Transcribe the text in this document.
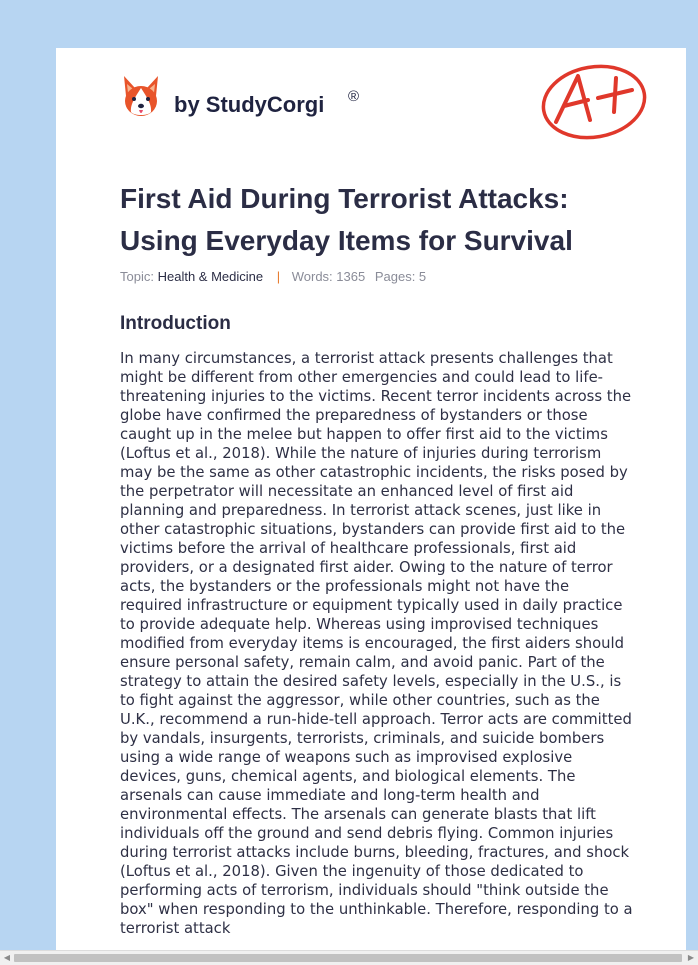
by StudyCorgi ®
First Aid During Terrorist Attacks: Using Everyday Items for Survival
Topic: Health & Medicine | Words: 1365 Pages: 5
Introduction

In many circumstances, a terrorist attack presents challenges that might be different from other emergencies and could lead to life-threatening injuries to the victims. Recent terror incidents across the globe have confirmed the preparedness of bystanders or those caught up in the melee but happen to offer first aid to the victims (Loftus et al., 2018). While the nature of injuries during terrorism may be the same as other catastrophic incidents, the risks posed by the perpetrator will necessitate an enhanced level of first aid planning and preparedness. In terrorist attack scenes, just like in other catastrophic situations, bystanders can provide first aid to the victims before the arrival of healthcare professionals, first aid providers, or a designated first aider. Owing to the nature of terror acts, the bystanders or the professionals might not have the required infrastructure or equipment typically used in daily practice to provide adequate help. Whereas using improvised techniques modified from everyday items is encouraged, the first aiders should ensure personal safety, remain calm, and avoid panic. Part of the strategy to attain the desired safety levels, especially in the U.S., is to fight against the aggressor, while other countries, such as the U.K., recommend a run-hide-tell approach. Terror acts are committed by vandals, insurgents, terrorists, criminals, and suicide bombers using a wide range of weapons such as improvised explosive devices, guns, chemical agents, and biological elements. The arsenals can cause immediate and long-term health and environmental effects. The arsenals can generate blasts that lift individuals off the ground and send debris flying. Common injuries during terrorist attacks include burns, bleeding, fractures, and shock (Loftus et al., 2018). Given the ingenuity of those dedicated to performing acts of terrorism, individuals should "think outside the box" when responding to the unthinkable. Therefore, responding to a terrorist attack

◀	▶
